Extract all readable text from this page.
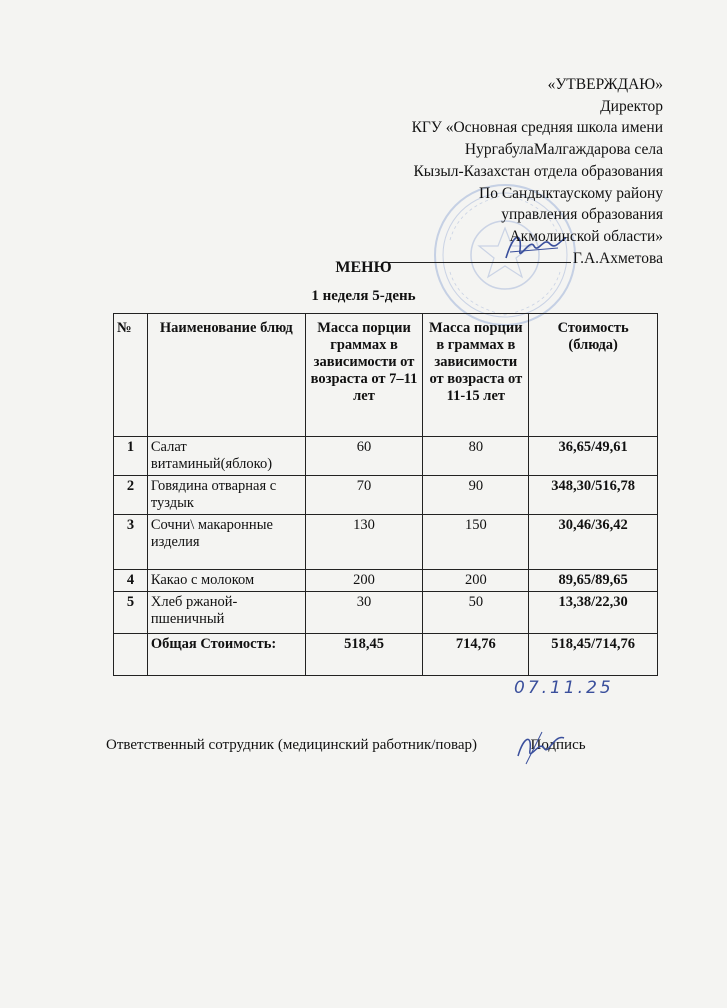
«УТВЕРЖДАЮ»
Директор
КГУ «Основная средняя школа имени
НургабулаМалгаждарова села
Кызыл-Казахстан отдела образования
По Сандыктаускому району
управления образования
Акмолинской области»
Г.А.Ахметова
МЕНЮ
1 неделя 5-день
№	Наименование блюд	Масса порции граммах в зависимости от возраста от 7–11 лет	Масса порции в граммах в зависимости от возраста от 11-15 лет	Стоимость (блюда)
1	Салат витаминый(яблоко)	60	80	36,65/49,61
2	Говядина отварная с туздык	70	90	348,30/516,78
3	Сочни\ макаронные изделия	130	150	30,46/36,42
4	Какао с молоком	200	200	89,65/89,65
5	Хлеб ржаной-пшеничный	30	50	13,38/22,30
	Общая Стоимость:	518,45	714,76	518,45/714,76
07.11.25
Ответственный сотрудник (медицинский работник/повар)	Подпись
